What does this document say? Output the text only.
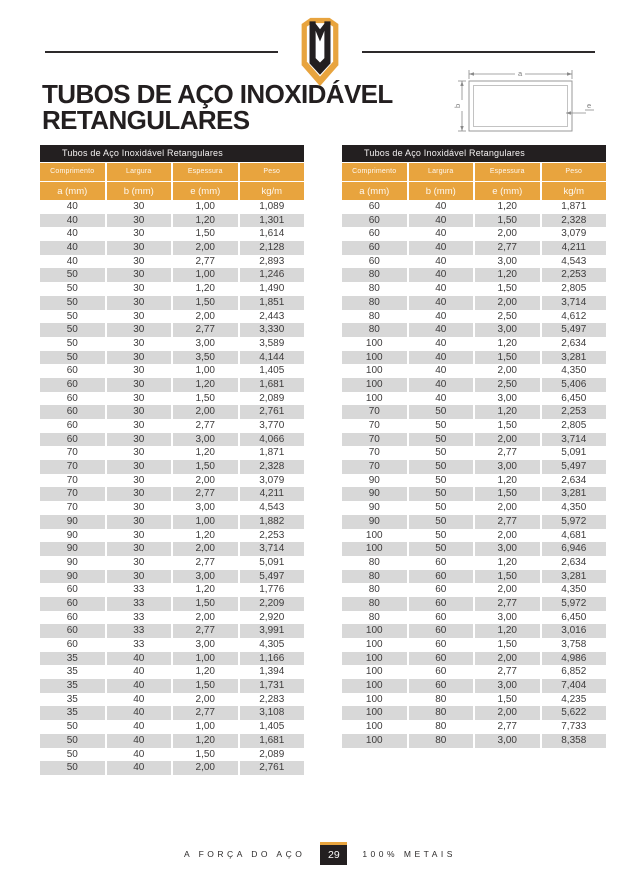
TUBOS DE AÇO INOXIDÁVEL
RETANGULARES
a
b	e
Tubos de Aço Inoxidável Retangulares
Comprimento	Largura	Espessura	Peso
a (mm)	b (mm)	e (mm)	kg/m
40	30	1,00	1,089
40	30	1,20	1,301
40	30	1,50	1,614
40	30	2,00	2,128
40	30	2,77	2,893
50	30	1,00	1,246
50	30	1,20	1,490
50	30	1,50	1,851
50	30	2,00	2,443
50	30	2,77	3,330
50	30	3,00	3,589
50	30	3,50	4,144
60	30	1,00	1,405
60	30	1,20	1,681
60	30	1,50	2,089
60	30	2,00	2,761
60	30	2,77	3,770
60	30	3,00	4,066
70	30	1,20	1,871
70	30	1,50	2,328
70	30	2,00	3,079
70	30	2,77	4,211
70	30	3,00	4,543
90	30	1,00	1,882
90	30	1,20	2,253
90	30	2,00	3,714
90	30	2,77	5,091
90	30	3,00	5,497
60	33	1,20	1,776
60	33	1,50	2,209
60	33	2,00	2,920
60	33	2,77	3,991
60	33	3,00	4,305
35	40	1,00	1,166
35	40	1,20	1,394
35	40	1,50	1,731
35	40	2,00	2,283
35	40	2,77	3,108
50	40	1,00	1,405
50	40	1,20	1,681
50	40	1,50	2,089
50	40	2,00	2,761
Tubos de Aço Inoxidável Retangulares
Comprimento	Largura	Espessura	Peso
a (mm)	b (mm)	e (mm)	kg/m
60	40	1,20	1,871
60	40	1,50	2,328
60	40	2,00	3,079
60	40	2,77	4,211
60	40	3,00	4,543
80	40	1,20	2,253
80	40	1,50	2,805
80	40	2,00	3,714
80	40	2,50	4,612
80	40	3,00	5,497
100	40	1,20	2,634
100	40	1,50	3,281
100	40	2,00	4,350
100	40	2,50	5,406
100	40	3,00	6,450
70	50	1,20	2,253
70	50	1,50	2,805
70	50	2,00	3,714
70	50	2,77	5,091
70	50	3,00	5,497
90	50	1,20	2,634
90	50	1,50	3,281
90	50	2,00	4,350
90	50	2,77	5,972
100	50	2,00	4,681
100	50	3,00	6,946
80	60	1,20	2,634
80	60	1,50	3,281
80	60	2,00	4,350
80	60	2,77	5,972
80	60	3,00	6,450
100	60	1,20	3,016
100	60	1,50	3,758
100	60	2,00	4,986
100	60	2,77	6,852
100	60	3,00	7,404
100	80	1,50	4,235
100	80	2,00	5,622
100	80	2,77	7,733
100	80	3,00	8,358
A FORÇA DO AÇO	29	100% METAIS
